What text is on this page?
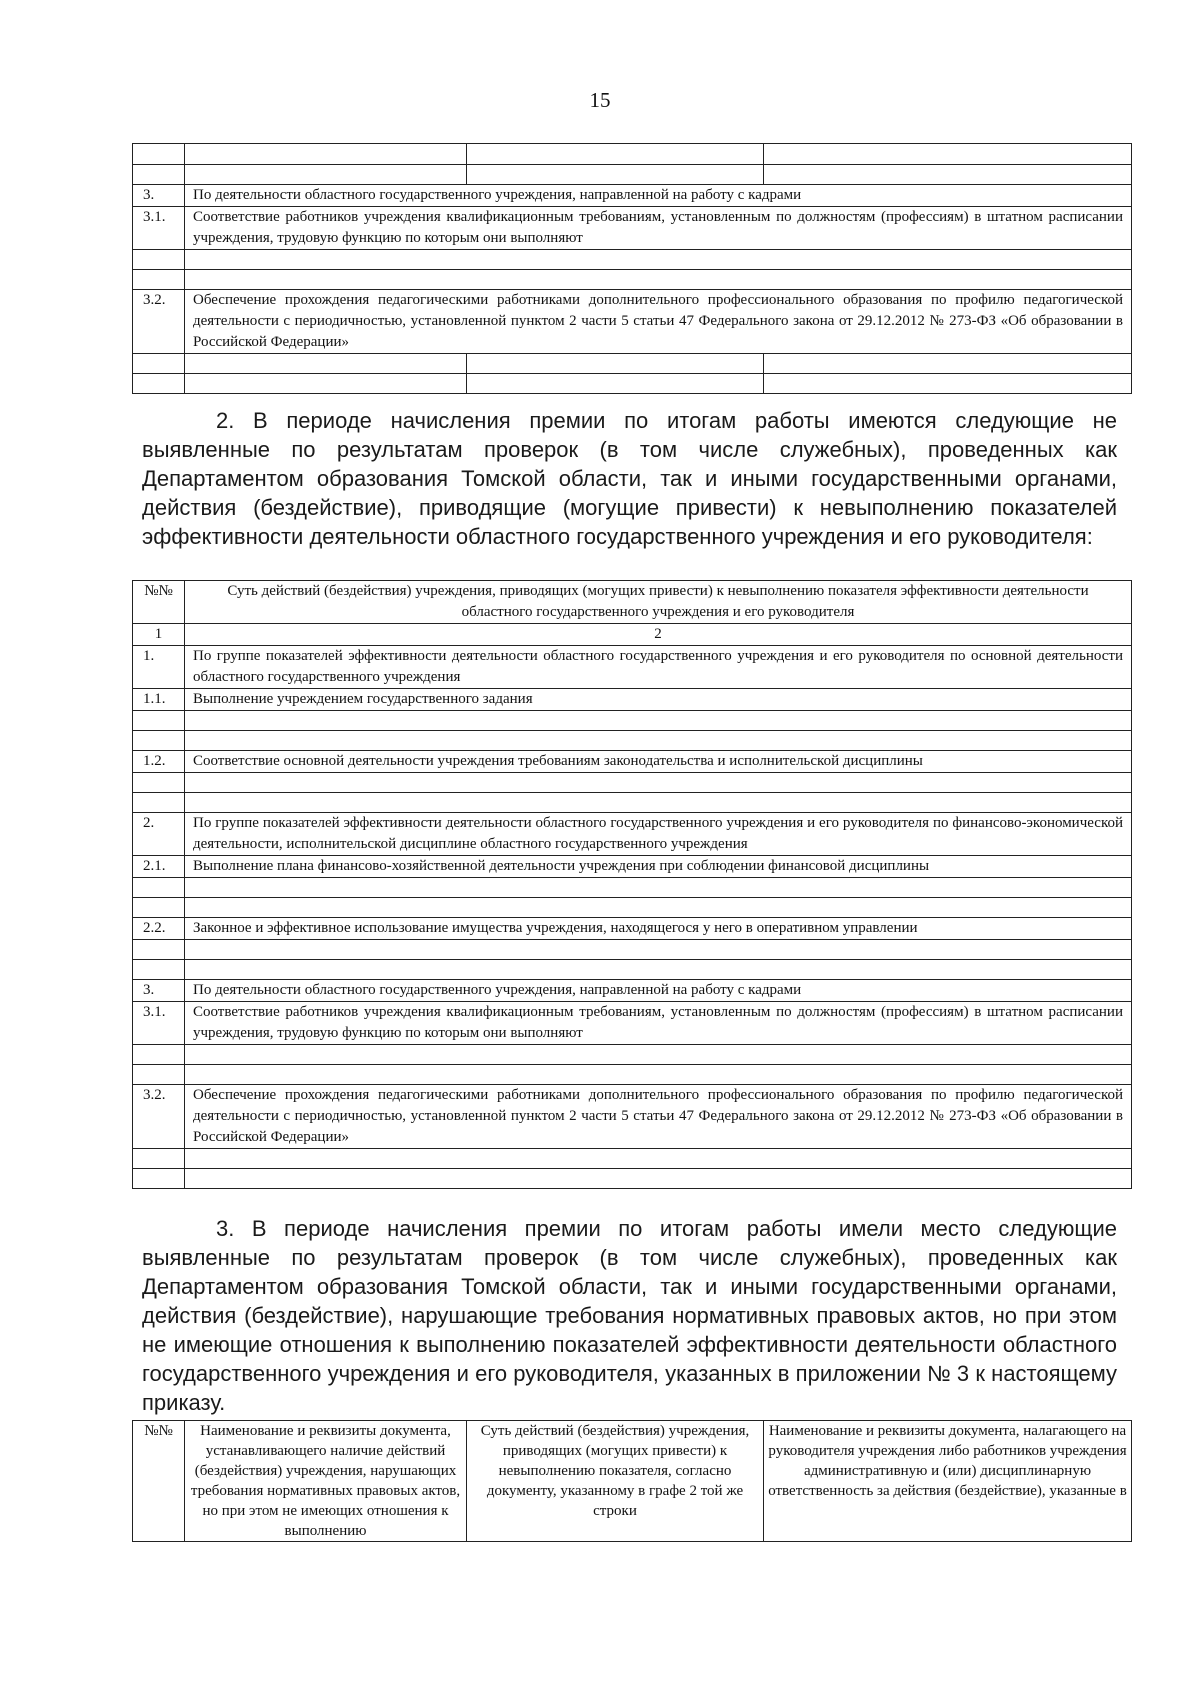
15

3.	По деятельности областного государственного учреждения, направленной на работу с кадрами		
3.1.	Соответствие работников учреждения квалификационным требованиям, установленным по должностям (профессиям) в штатном расписании учреждения, трудовую функцию по которым они выполняют		

3.2.	Обеспечение прохождения педагогическими работниками дополнительного профессионального образования по профилю педагогической деятельности с периодичностью, установленной пунктом 2 части 5 статьи 47 Федерального закона от 29.12.2012 № 273-ФЗ «Об образовании в Российской Федерации»		

2. В периоде начисления премии по итогам работы имеются следующие не выявленные по результатам проверок (в том числе служебных), проведенных как Департаментом образования Томской области, так и иными государственными органами, действия (бездействие), приводящие (могущие привести) к невыполнению показателей эффективности деятельности областного государственного учреждения и его руководителя:
№№	Суть действий (бездействия) учреждения, приводящих (могущих привести) к невыполнению показателя эффективности деятельности областного государственного учреждения и его руководителя
1	2
1.	По группе показателей эффективности деятельности областного государственного учреждения и его руководителя по основной деятельности областного государственного учреждения
1.1.	Выполнение учреждением государственного задания

1.2.	Соответствие основной деятельности учреждения требованиям законодательства и исполнительской дисциплины

2.	По группе показателей эффективности деятельности областного государственного учреждения и его руководителя по финансово-экономической деятельности, исполнительской дисциплине областного государственного учреждения
2.1.	Выполнение плана финансово-хозяйственной деятельности учреждения при соблюдении финансовой дисциплины

2.2.	Законное и эффективное использование имущества учреждения, находящегося у него в оперативном управлении

3.	По деятельности областного государственного учреждения, направленной на работу с кадрами
3.1.	Соответствие работников учреждения квалификационным требованиям, установленным по должностям (профессиям) в штатном расписании учреждения, трудовую функцию по которым они выполняют

3.2.	Обеспечение прохождения педагогическими работниками дополнительного профессионального образования по профилю педагогической деятельности с периодичностью, установленной пунктом 2 части 5 статьи 47 Федерального закона от 29.12.2012 № 273-ФЗ «Об образовании в Российской Федерации»

3. В периоде начисления премии по итогам работы имели место следующие выявленные по результатам проверок (в том числе служебных), проведенных как Департаментом образования Томской области, так и иными государственными органами, действия (бездействие), нарушающие требования нормативных правовых актов, но при этом не имеющие отношения к выполнению показателей эффективности деятельности областного государственного учреждения и его руководителя, указанных в приложении № 3 к настоящему приказу.
№№	Наименование и реквизиты документа, устанавливающего наличие действий (бездействия) учреждения, нарушающих требования нормативных правовых актов, но при этом не имеющих отношения к выполнению	Суть действий (бездействия) учреждения, приводящих (могущих привести) к невыполнению показателя, согласно документу, указанному в графе 2 той же строки	Наименование и реквизиты документа, налагающего на руководителя учреждения либо работников учреждения административную и (или) дисциплинарную ответственность за действия (бездействие), указанные в
